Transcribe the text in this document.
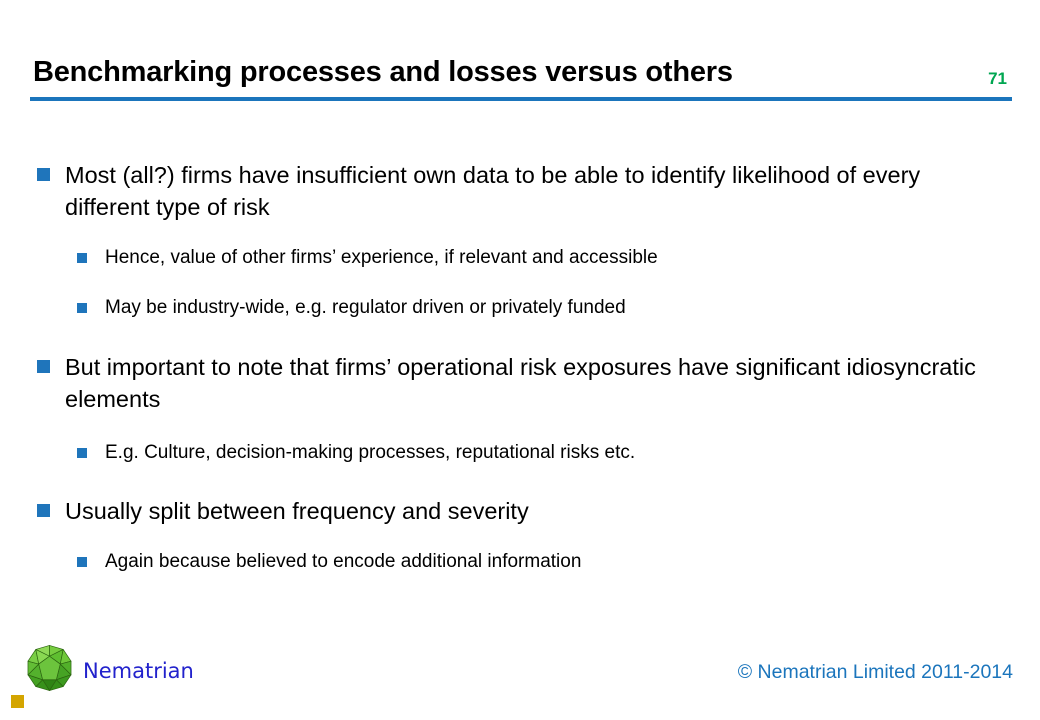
Benchmarking processes and losses versus others	71
Most (all?) firms have insufficient own data to be able to identify likelihood of every different type of risk
Hence, value of other firms’ experience, if relevant and accessible
May be industry-wide, e.g. regulator driven or privately funded
But important to note that firms’ operational risk exposures have significant idiosyncratic elements
E.g. Culture, decision-making processes, reputational risks etc.
Usually split between frequency and severity
Again because believed to encode additional information
Nematrian	© Nematrian Limited 2011-2014
